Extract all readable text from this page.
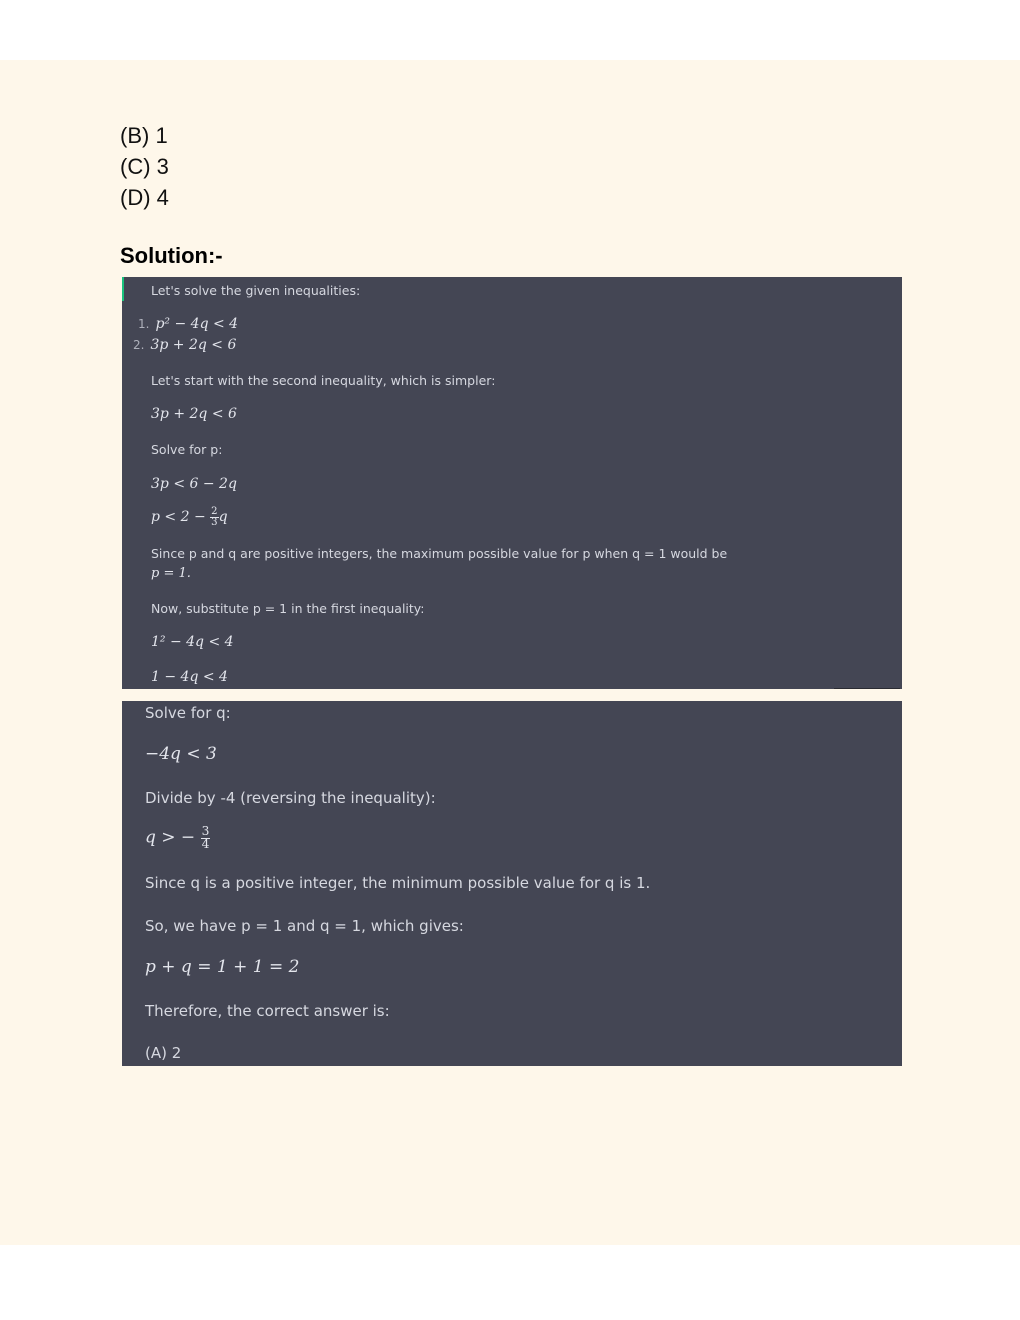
(B) 1
(C) 3
(D) 4
Solution:-
Let's solve the given inequalities:
1. p² − 4q < 4
2. 3p + 2q < 6
Let's start with the second inequality, which is simpler:
3p + 2q < 6
Solve for p:
3p < 6 − 2q
$p < 2 - \frac{2}{3}$ q
Since p and q are positive integers, the maximum possible value for p when q = 1 would be
p = 1.
Now, substitute p = 1 in the first inequality:
1² − 4q < 4
1 − 4q < 4
Solve for q:
−4q < 3
Divide by -4 (reversing the inequality):
q > − $\frac{3}{4}$
Since q is a positive integer, the minimum possible value for q is 1.
So, we have p = 1 and q = 1, which gives:
p + q = 1 + 1 = 2
Therefore, the correct answer is:
(A) 2
